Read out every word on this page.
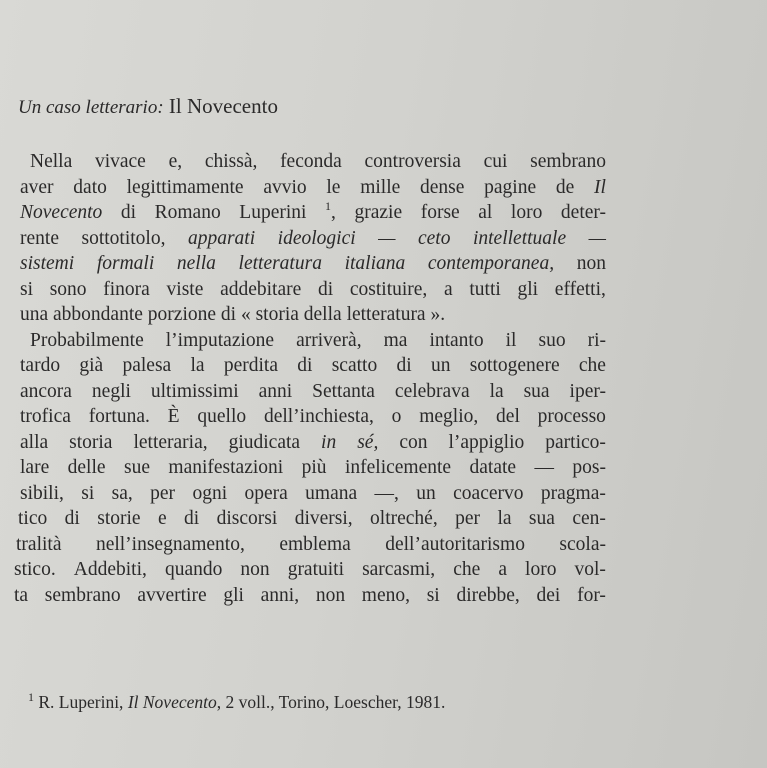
Un caso letterario: Il Novecento
Nella vivace e, chissà, feconda controversia cui sembrano
aver dato legittimamente avvio le mille dense pagine de Il
Novecento di Romano Luperini $^1$, grazie forse al loro deter-
rente sottotitolo, apparati ideologici — ceto intellettuale —
sistemi formali nella letteratura italiana contemporanea, non
si sono finora viste addebitare di costituire, a tutti gli effetti,
una abbondante porzione di « storia della letteratura ».
Probabilmente l’imputazione arriverà, ma intanto il suo ri-
tardo già palesa la perdita di scatto di un sottogenere che
ancora negli ultimissimi anni Settanta celebrava la sua iper-
trofica fortuna. È quello dell’inchiesta, o meglio, del processo
alla storia letteraria, giudicata in sé, con l’appiglio partico-
lare delle sue manifestazioni più infelicemente datate — pos-
sibili, si sa, per ogni opera umana —, un coacervo pragma-
tico di storie e di discorsi diversi, oltreché, per la sua cen-
tralità nell’insegnamento, emblema dell’autoritarismo scola-
stico. Addebiti, quando non gratuiti sarcasmi, che a loro vol-
ta sembrano avvertire gli anni, non meno, si direbbe, dei for-
$^1$ R. Luperini, Il Novecento, 2 voll., Torino, Loescher, 1981.
